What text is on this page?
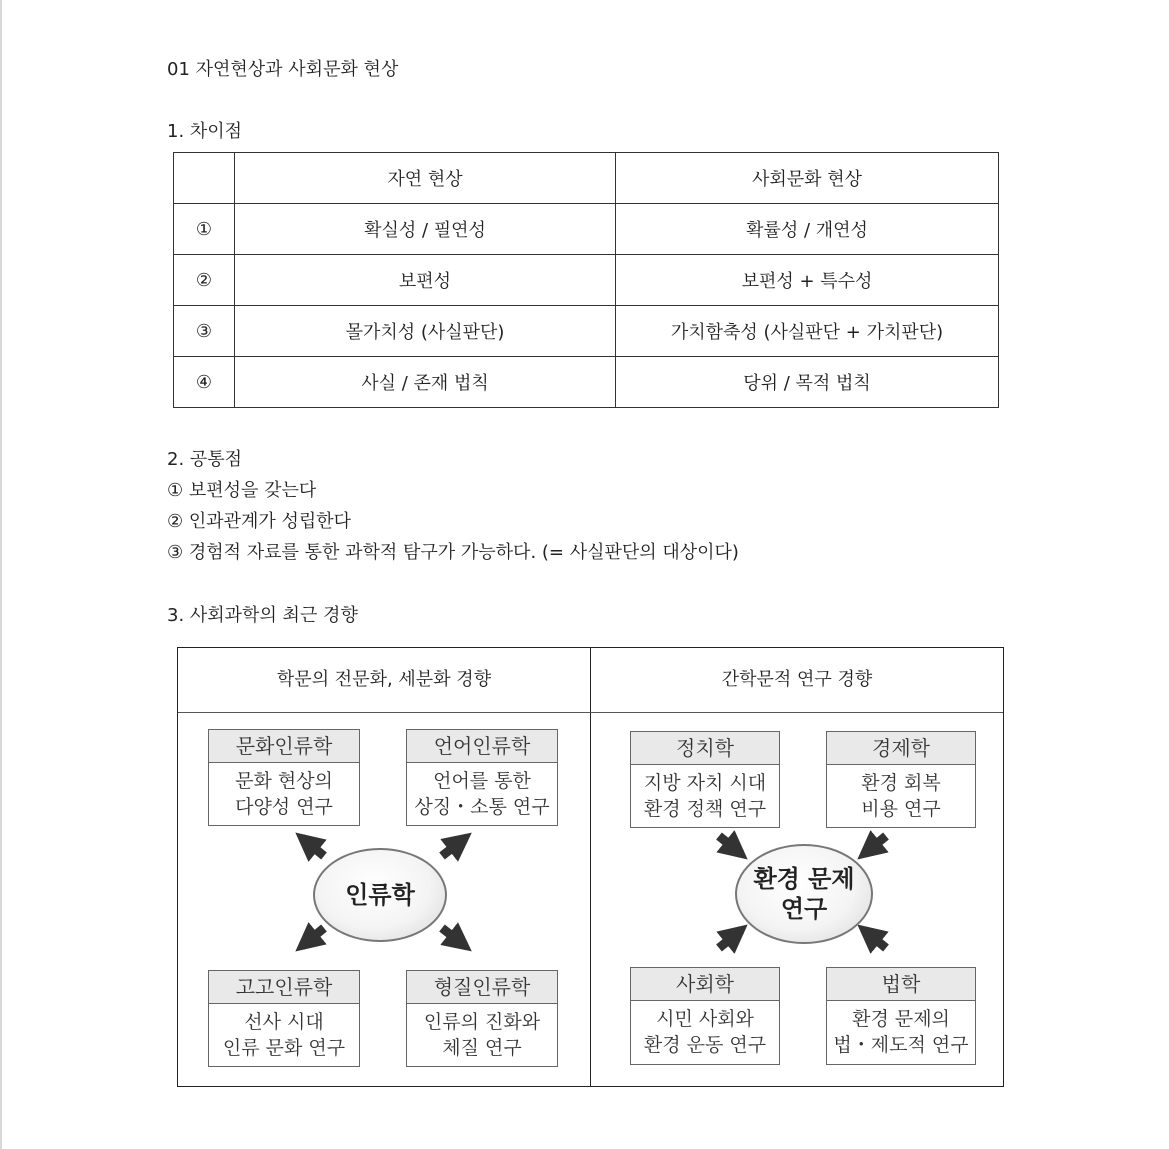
01 자연현상과 사회문화 현상
1. 차이점
	자연 현상	사회문화 현상
①	확실성 / 필연성	확률성 / 개연성
②	보편성	보편성 + 특수성
③	몰가치성 (사실판단)	가치함축성 (사실판단 + 가치판단)
④	사실 / 존재 법칙	당위 / 목적 법칙
2. 공통점
① 보편성을 갖는다
② 인과관계가 성립한다
③ 경험적 자료를 통한 과학적 탐구가 가능하다. (= 사실판단의 대상이다)
3. 사회과학의 최근 경향
학문의 전문화, 세분화 경향	간학문적 연구 경향
인류학
환경 문제
연구
문화인류학
문화 현상의
다양성 연구
언어인류학
언어를 통한
상징・소통 연구
고고인류학
선사 시대
인류 문화 연구
형질인류학
인류의 진화와
체질 연구
정치학
지방 자치 시대
환경 정책 연구
경제학
환경 회복
비용 연구
사회학
시민 사회와
환경 운동 연구
법학
환경 문제의
법・제도적 연구
